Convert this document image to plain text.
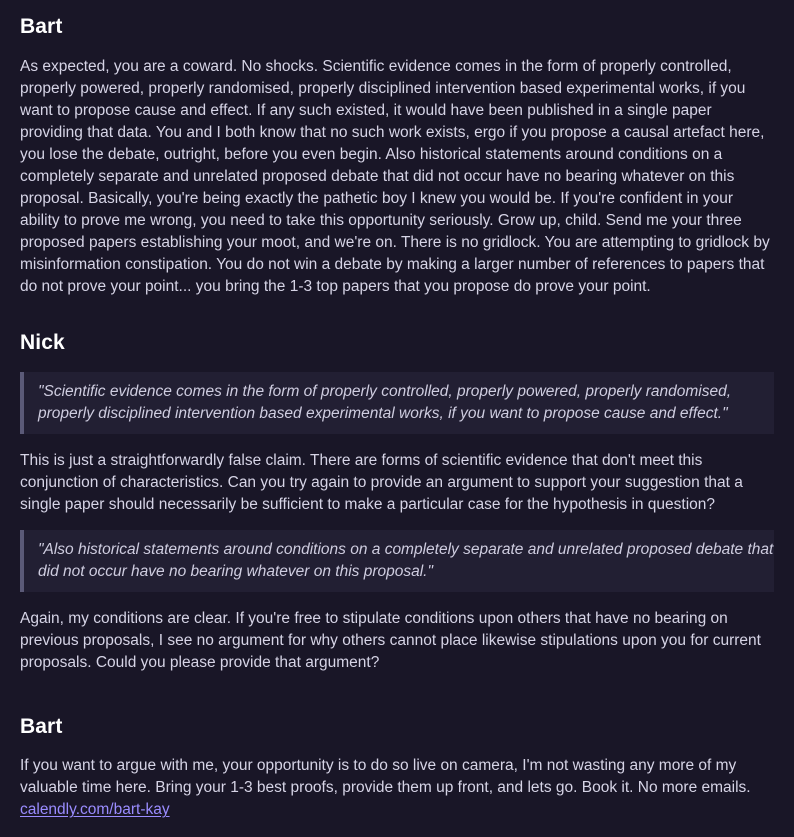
Bart

As expected, you are a coward. No shocks. Scientific evidence comes in the form of properly controlled, properly powered, properly randomised, properly disciplined intervention based experimental works, if you want to propose cause and effect. If any such existed, it would have been published in a single paper providing that data. You and I both know that no such work exists, ergo if you propose a causal artefact here, you lose the debate, outright, before you even begin. Also historical statements around conditions on a completely separate and unrelated proposed debate that did not occur have no bearing whatever on this proposal. Basically, you're being exactly the pathetic boy I knew you would be. If you're confident in your ability to prove me wrong, you need to take this opportunity seriously. Grow up, child. Send me your three proposed papers establishing your moot, and we're on. There is no gridlock. You are attempting to gridlock by misinformation constipation. You do not win a debate by making a larger number of references to papers that do not prove your point... you bring the 1-3 top papers that you propose do prove your point.

Nick
"Scientific evidence comes in the form of properly controlled, properly powered, properly randomised, properly disciplined intervention based experimental works, if you want to propose cause and effect."

This is just a straightforwardly false claim. There are forms of scientific evidence that don't meet this conjunction of characteristics. Can you try again to provide an argument to support your suggestion that a single paper should necessarily be sufficient to make a particular case for the hypothesis in question?

"Also historical statements around conditions on a completely separate and unrelated proposed debate that did not occur have no bearing whatever on this proposal."

Again, my conditions are clear. If you're free to stipulate conditions upon others that have no bearing on previous proposals, I see no argument for why others cannot place likewise stipulations upon you for current proposals. Could you please provide that argument?

Bart

If you want to argue with me, your opportunity is to do so live on camera, I'm not wasting any more of my valuable time here. Bring your 1-3 best proofs, provide them up front, and lets go. Book it. No more emails. calendly.com/bart-kay
